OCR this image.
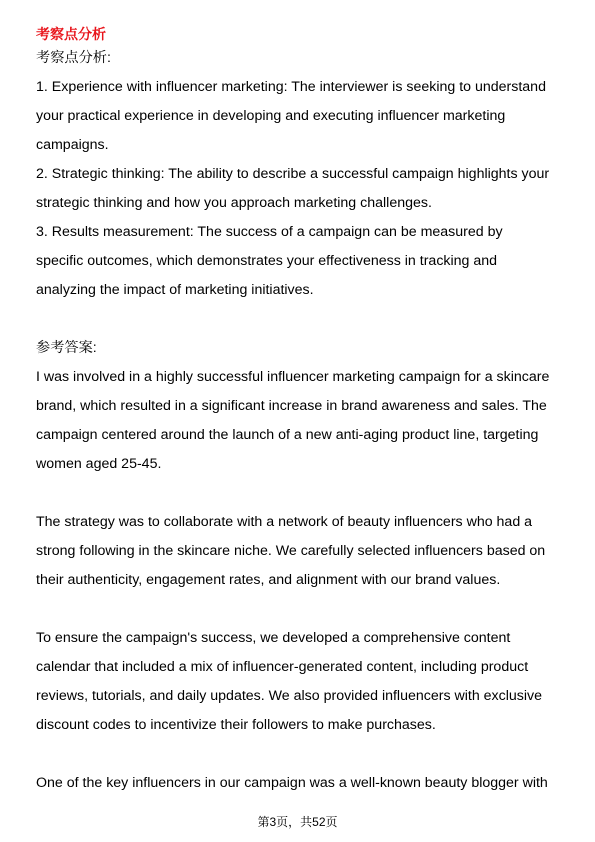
考察点分析
考察点分析:
1. Experience with influencer marketing: The interviewer is seeking to understand
your practical experience in developing and executing influencer marketing
campaigns.
2. Strategic thinking: The ability to describe a successful campaign highlights your
strategic thinking and how you approach marketing challenges.
3. Results measurement: The success of a campaign can be measured by
specific outcomes, which demonstrates your effectiveness in tracking and
analyzing the impact of marketing initiatives.
参考答案:
I was involved in a highly successful influencer marketing campaign for a skincare
brand, which resulted in a significant increase in brand awareness and sales. The
campaign centered around the launch of a new anti-aging product line, targeting
women aged 25-45.
The strategy was to collaborate with a network of beauty influencers who had a
strong following in the skincare niche. We carefully selected influencers based on
their authenticity, engagement rates, and alignment with our brand values.
To ensure the campaign's success, we developed a comprehensive content
calendar that included a mix of influencer-generated content, including product
reviews, tutorials, and daily updates. We also provided influencers with exclusive
discount codes to incentivize their followers to make purchases.
One of the key influencers in our campaign was a well-known beauty blogger with
第3页，共52页
